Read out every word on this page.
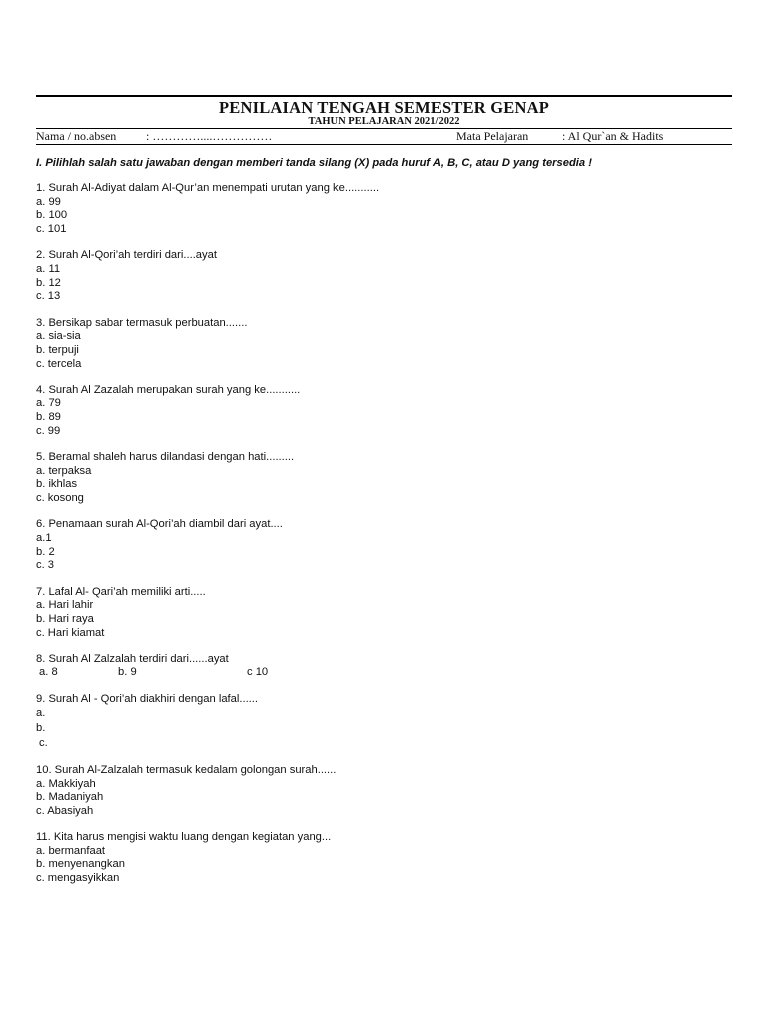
PENILAIAN TENGAH SEMESTER GENAP
TAHUN PELAJARAN 2021/2022
Nama / no.absen : …………....……………	Mata Pelajaran	: Al Qur`an & Hadits
I. Pilihlah salah satu jawaban dengan memberi tanda silang (X) pada huruf A, B, C, atau D yang tersedia !
1. Surah Al-Adiyat dalam Al-Qur’an menempati urutan yang ke...........
a. 99
b. 100
c. 101
2. Surah Al-Qori’ah terdiri dari....ayat
a. 11
b. 12
c. 13
3. Bersikap sabar termasuk perbuatan.......
a. sia-sia
b. terpuji
c. tercela
4. Surah Al Zazalah merupakan surah yang ke...........
a. 79
b. 89
c. 99
5. Beramal shaleh harus dilandasi dengan hati.........
a. terpaksa
b. ikhlas
c. kosong
6. Penamaan surah Al-Qori’ah diambil dari ayat....
a.1
b. 2
c. 3
7. Lafal Al- Qari’ah memiliki arti.....
a. Hari lahir
b. Hari raya
c. Hari kiamat
8. Surah Al Zalzalah terdiri dari......ayat
a. 8	b. 9	c 10
9. Surah Al - Qori’ah diakhiri dengan lafal......
a.
b.
c.
10. Surah Al-Zalzalah termasuk kedalam golongan surah......
a. Makkiyah
b. Madaniyah
c. Abasiyah
11. Kita harus mengisi waktu luang dengan kegiatan yang...
a. bermanfaat
b. menyenangkan
c. mengasyikkan
